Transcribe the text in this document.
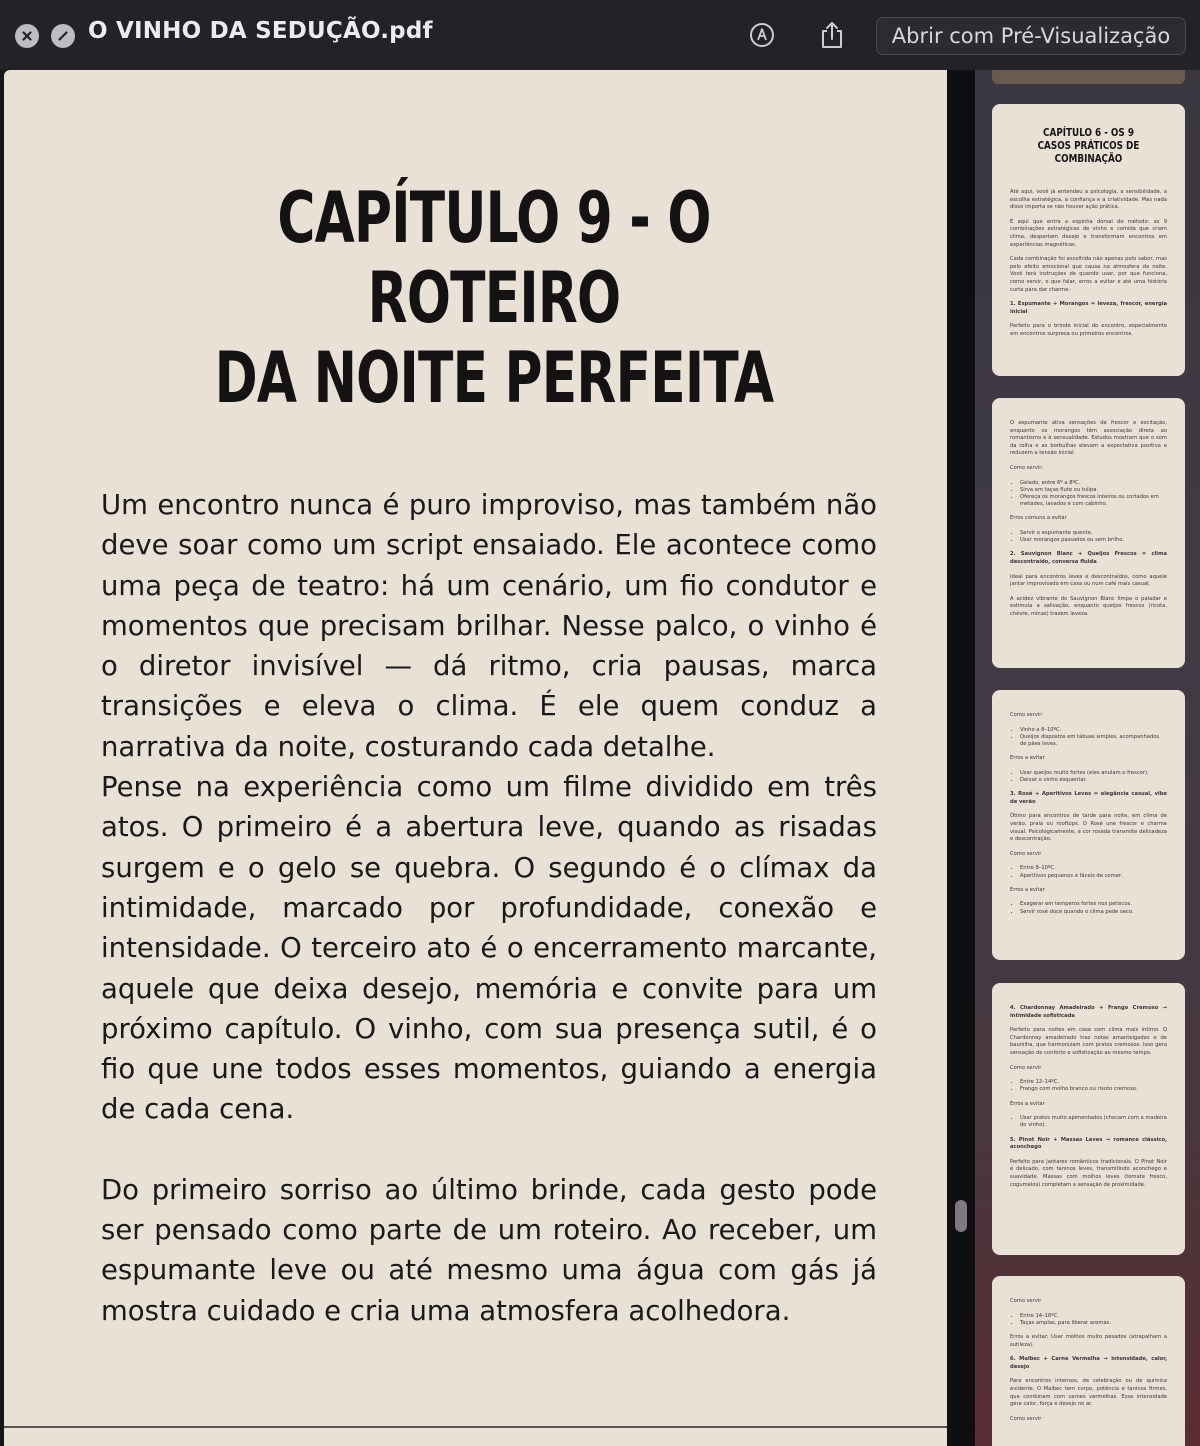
O VINHO DA SEDUÇÃO.pdf	Abrir com Pré-Visualização
CAPÍTULO 9 - O ROTEIRO
DA NOITE PERFEITA

Um encontro nunca é puro improviso, mas também não deve soar como um script ensaiado. Ele acontece como uma peça de teatro: há um cenário, um fio condutor e momentos que precisam brilhar. Nesse palco, o vinho é o diretor invisível — dá ritmo, cria pausas, marca transições e eleva o clima. É ele quem conduz a narrativa da noite, costurando cada detalhe.

Pense na experiência como um filme dividido em três atos. O primeiro é a abertura leve, quando as risadas surgem e o gelo se quebra. O segundo é o clímax da intimidade, marcado por profundidade, conexão e intensidade. O terceiro ato é o encerramento marcante, aquele que deixa desejo, memória e convite para um próximo capítulo. O vinho, com sua presença sutil, é o fio que une todos esses momentos, guiando a energia de cada cena.

Do primeiro sorriso ao último brinde, cada gesto pode ser pensado como parte de um roteiro. Ao receber, um espumante leve ou até mesmo uma água com gás já mostra cuidado e cria uma atmosfera acolhedora.

CAPÍTULO 6 - OS 9 CASOS PRÁTICOS DE COMBINAÇÃO

Até aqui, você já entendeu a psicologia, a sensibilidade, a escolha estratégica, a confiança e a criatividade. Mas nada disso importa se não houver ação prática.

É aqui que entra a espinha dorsal do método: as 9 combinações estratégicas de vinho e comida que criam clima, despertam desejo e transformam encontros em experiências magnéticas.

Cada combinação foi escolhida não apenas pelo sabor, mas pelo efeito emocional que causa na atmosfera da noite. Você terá instruções de quando usar, por que funciona, como servir, o que falar, erros a evitar e até uma história curta para dar charme.

1. Espumante + Morangos = leveza, frescor, energia inicial

Perfeito para o brinde inicial do encontro, especialmente em encontros surpresa ou primeiros encontros.

O espumante ativa sensações de frescor e excitação, enquanto os morangos têm associação direta ao romantismo e à sensualidade. Estudos mostram que o som da rolha e as borbulhas elevam a expectativa positiva e reduzem a tensão inicial.

Como servir:

• Gelado, entre 6º a 8ºC.
• Sirva em taças flute ou tulipa.
• Ofereça os morangos frescos inteiros ou cortados em metades, lavados e com cabinho.

Erros comuns a evitar

• Servir o espumante quente.
• Usar morangos passados ou sem brilho.

2. Sauvignon Blanc + Queijos Frescos = clima descontraído, conversa fluida

Ideal para encontros leves e descontraídos, como aquele jantar improvisado em casa ou num café mais casual.

A acidez vibrante do Sauvignon Blanc limpa o paladar e estimula a salivação, enquanto queijos frescos (ricota, chèvre, minas) trazem leveza.

Como servir:

• Vinho a 8–10ºC.
• Queijos dispostos em tábuas simples, acompanhados de pães leves.

Erros a evitar

• Usar queijos muito fortes (eles anulam o frescor).
• Deixar o vinho esquentar.

3. Rosé + Aperitivos Leves = elegância casual, vibe de verão

Ótimo para encontros de tarde para noite, em clima de verão, praia ou rooftops. O Rosé une frescor e charme visual. Psicologicamente, a cor rosada transmite delicadeza e descontração.

Como servir

• Entre 8–10ºC.
• Aperitivos pequenos e fáceis de comer.

Erros a evitar

• Exagerar em temperos fortes nos petiscos.
• Servir rosé doce quando o clima pede seco.

4. Chardonnay Amadeirado + Frango Cremoso → intimidade sofisticada

Perfeito para noites em casa com clima mais íntimo. O Chardonnay amadeirado traz notas amanteigadas e de baunilha, que harmonizam com pratos cremosos. Isso gera sensação de conforto e sofisticação ao mesmo tempo.

Como servir

• Entre 12–14ºC.
• Frango com molho branco ou risoto cremoso.

Erros a evitar

• Usar pratos muito apimentados (chocam com a madeira do vinho).

5. Pinot Noir + Massas Leves → romance clássico, aconchego

Perfeito para jantares românticos tradicionais. O Pinot Noir é delicado, com taninos leves, transmitindo aconchego e suavidade. Massas com molhos leves (tomate fresco, cogumelos) completam a sensação de proximidade.

Como servir

• Entre 14–16ºC.
• Taças amplas, para liberar aromas.

Erros a evitar: Usar molhos muito pesados (atrapalham a sutileza).

6. Malbec + Carne Vermelha → intensidade, calor, desejo

Para encontros intensos, de celebração ou de química evidente. O Malbec tem corpo, potência e taninos firmes, que combinam com carnes vermelhas. Essa intensidade gera calor, força e desejo no ar.

Como servir
